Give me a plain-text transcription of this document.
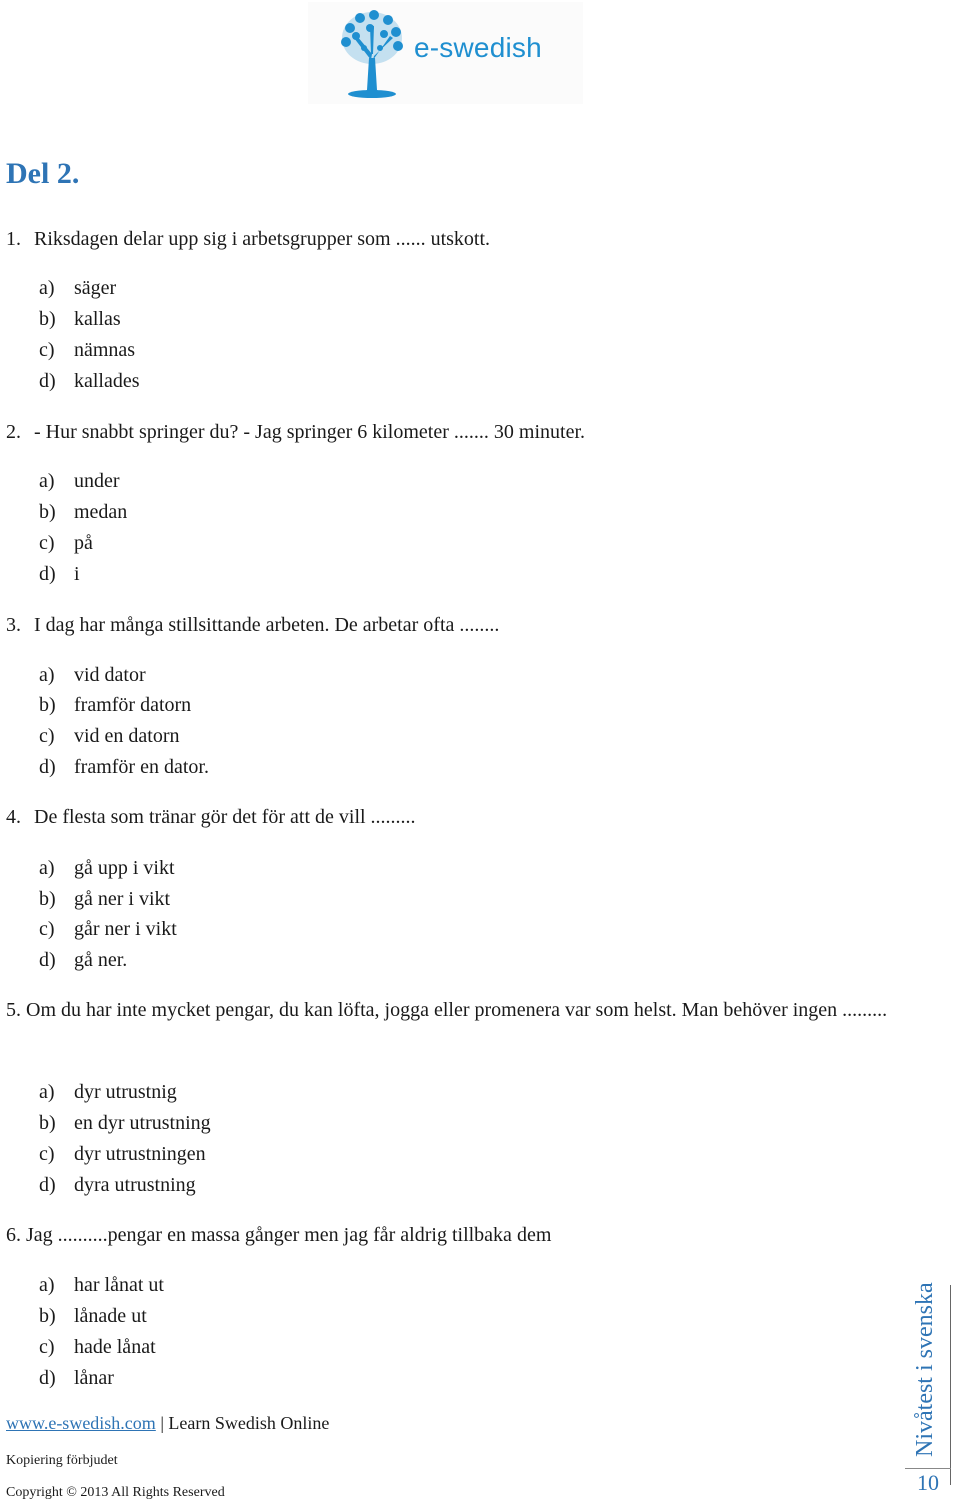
e-swedish
Del 2.

1. Riksdagen delar upp sig i arbetsgrupper som ...... utskott.

a) säger

b) kallas

c) nämnas

d) kallades

2. - Hur snabbt springer du? - Jag springer 6 kilometer ....... 30 minuter.

a) under

b) medan

c) på

d) i

3. I dag har många stillsittande arbeten. De arbetar ofta ........

a) vid dator

b) framför datorn

c) vid en datorn

d) framför en dator.

4. De flesta som tränar gör det för att de vill .........

a) gå upp i vikt

b) gå ner i vikt

c) går ner i vikt

d) gå ner.

5. Om du har inte mycket pengar, du kan löfta, jogga eller promenera var som helst. Man behöver ingen .........

a) dyr utrustnig

b) en dyr utrustning

c) dyr utrustningen

d) dyra utrustning

6. Jag ..........pengar en massa gånger men jag får aldrig tillbaka dem

a) har lånat ut

b) lånade ut

c) hade lånat

d) lånar

www.e-swedish.com | Learn Swedish Online
Kopiering förbjudet
Copyright © 2013 All Rights Reserved
Nivåtest i svenska
10
